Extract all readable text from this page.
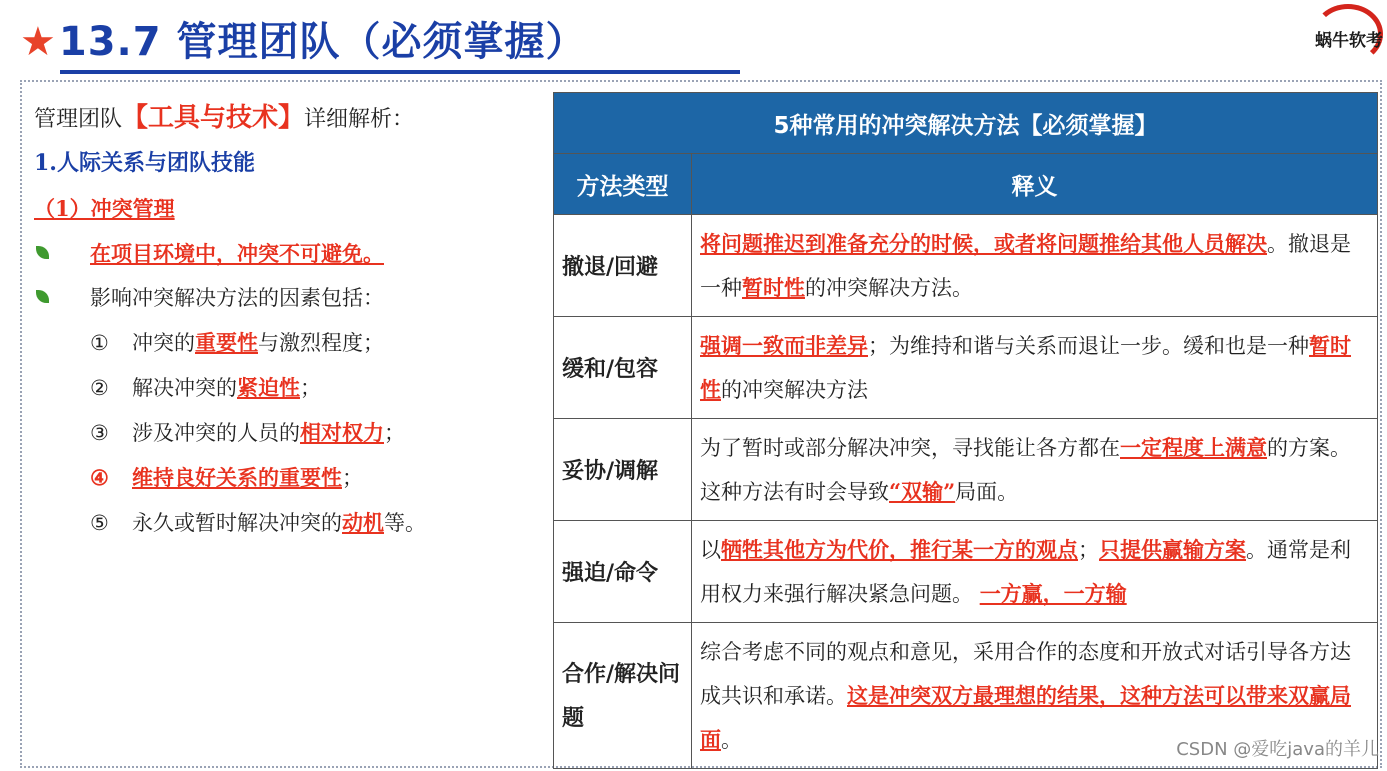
★13.7 管理团队（必须掌握）	蜗牛软考
管理团队【工具与技术】详细解析：
1.人际关系与团队技能
（1）冲突管理
在项目环境中，冲突不可避免。
影响冲突解决方法的因素包括：
① 冲突的重要性与激烈程度；
② 解决冲突的紧迫性；
③ 涉及冲突的人员的相对权力；
④ 维持良好关系的重要性；
⑤ 永久或暂时解决冲突的动机等。
5种常用的冲突解决方法【必须掌握】	
方法类型	释义
撤退/回避	将问题推迟到准备充分的时候，或者将问题推给其他人员解决。撤退是一种暂时性的冲突解决方法。
缓和/包容	强调一致而非差异；为维持和谐与关系而退让一步。缓和也是一种暂时性的冲突解决方法
妥协/调解	为了暂时或部分解决冲突，寻找能让各方都在一定程度上满意的方案。这种方法有时会导致“双输”局面。
强迫/命令	以牺牲其他方为代价，推行某一方的观点；只提供赢输方案。通常是利用权力来强行解决紧急问题。 一方赢，一方输
合作/解决问题	综合考虑不同的观点和意见，采用合作的态度和开放式对话引导各方达成共识和承诺。这是冲突双方最理想的结果，这种方法可以带来双赢局面。	CSDN @爱吃java的羊儿
